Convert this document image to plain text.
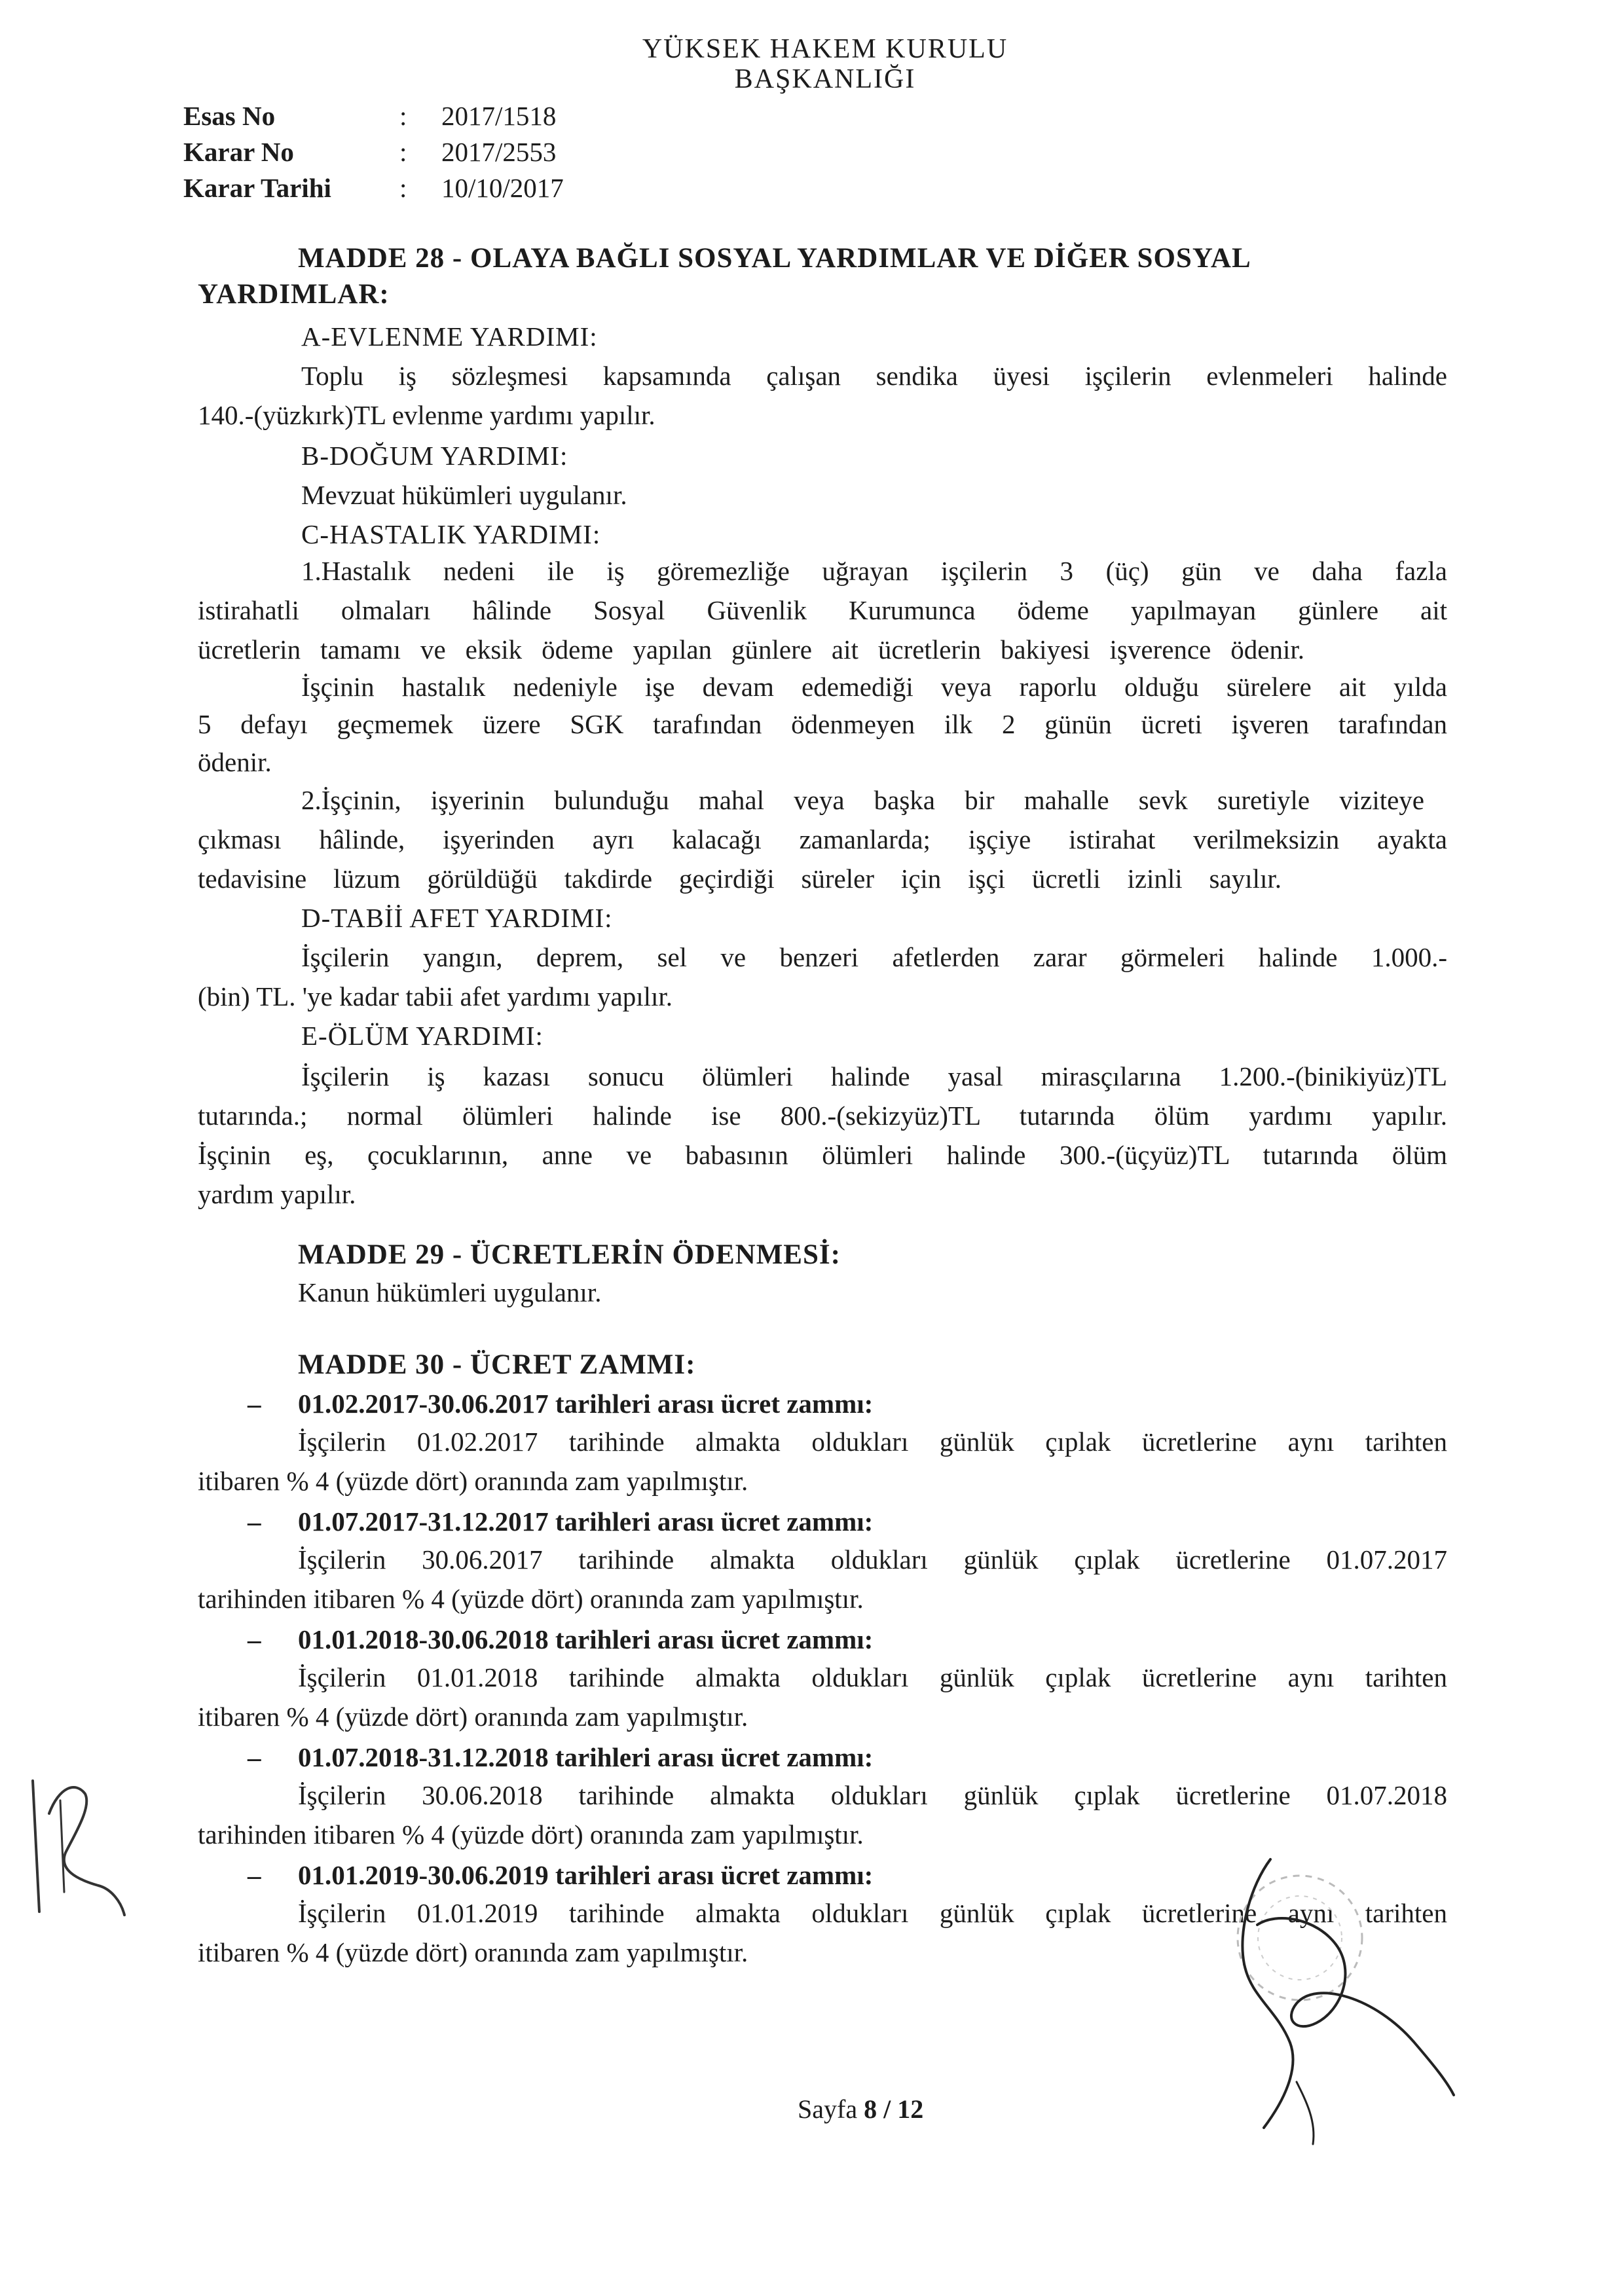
YÜKSEK HAKEM KURULU
BAŞKANLIĞI
Esas No	: 2017/1518
Karar No	: 2017/2553
Karar Tarihi	: 10/10/2017
MADDE 28 - OLAYA BAĞLI SOSYAL YARDIMLAR VE DİĞER SOSYAL
YARDIMLAR:
A-EVLENME YARDIMI:
Toplu iş sözleşmesi kapsamında çalışan sendika üyesi işçilerin evlenmeleri halinde
140.-(yüzkırk)TL evlenme yardımı yapılır.
B-DOĞUM YARDIMI:
Mevzuat hükümleri uygulanır.
C-HASTALIK YARDIMI:
1.Hastalık nedeni ile iş göremezliğe uğrayan işçilerin 3 (üç) gün ve daha fazla
istirahatli olmaları hâlinde Sosyal Güvenlik Kurumunca ödeme yapılmayan günlere ait
ücretlerin tamamı ve eksik ödeme yapılan günlere ait ücretlerin bakiyesi işverence ödenir.
İşçinin hastalık nedeniyle işe devam edemediği veya raporlu olduğu sürelere ait yılda
5 defayı geçmemek üzere SGK tarafından ödenmeyen ilk 2 günün ücreti işveren tarafından
ödenir.
2.İşçinin, işyerinin bulunduğu mahal veya başka bir mahalle sevk suretiyle viziteye
çıkması hâlinde, işyerinden ayrı kalacağı zamanlarda; işçiye istirahat verilmeksizin ayakta
tedavisine lüzum görüldüğü takdirde geçirdiği süreler için işçi ücretli izinli sayılır.
D-TABİİ AFET YARDIMI:
İşçilerin yangın, deprem, sel ve benzeri afetlerden zarar görmeleri halinde 1.000.-
(bin) TL. 'ye kadar tabii afet yardımı yapılır.
E-ÖLÜM YARDIMI:
İşçilerin iş kazası sonucu ölümleri halinde yasal mirasçılarına 1.200.-(binikiyüz)TL
tutarında.; normal ölümleri halinde ise 800.-(sekizyüz)TL tutarında ölüm yardımı yapılır.
İşçinin eş, çocuklarının, anne ve babasının ölümleri halinde 300.-(üçyüz)TL tutarında ölüm
yardım yapılır.
MADDE 29 - ÜCRETLERİN ÖDENMESİ:
Kanun hükümleri uygulanır.
MADDE 30 - ÜCRET ZAMMI:
– 01.02.2017-30.06.2017 tarihleri arası ücret zammı:
İşçilerin 01.02.2017 tarihinde almakta oldukları günlük çıplak ücretlerine aynı tarihten
itibaren % 4 (yüzde dört) oranında zam yapılmıştır.
– 01.07.2017-31.12.2017 tarihleri arası ücret zammı:
İşçilerin 30.06.2017 tarihinde almakta oldukları günlük çıplak ücretlerine 01.07.2017
tarihinden itibaren % 4 (yüzde dört) oranında zam yapılmıştır.
– 01.01.2018-30.06.2018 tarihleri arası ücret zammı:
İşçilerin 01.01.2018 tarihinde almakta oldukları günlük çıplak ücretlerine aynı tarihten
itibaren % 4 (yüzde dört) oranında zam yapılmıştır.
– 01.07.2018-31.12.2018 tarihleri arası ücret zammı:
İşçilerin 30.06.2018 tarihinde almakta oldukları günlük çıplak ücretlerine 01.07.2018
tarihinden itibaren % 4 (yüzde dört) oranında zam yapılmıştır.
– 01.01.2019-30.06.2019 tarihleri arası ücret zammı:
İşçilerin 01.01.2019 tarihinde almakta oldukları günlük çıplak ücretlerine aynı tarihten
itibaren % 4 (yüzde dört) oranında zam yapılmıştır.
Sayfa 8 / 12
